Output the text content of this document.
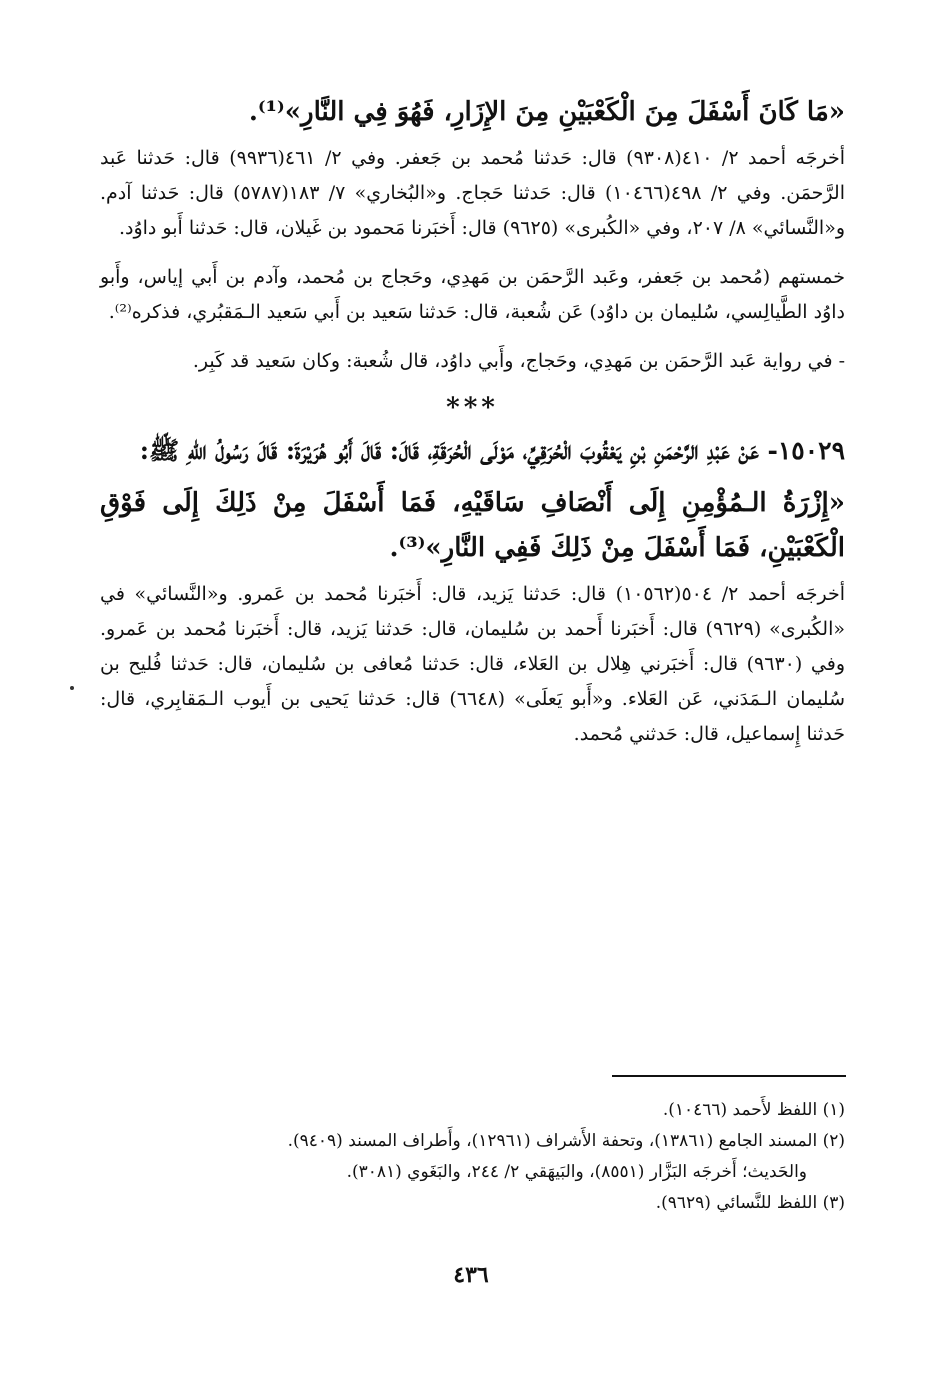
«مَا كَانَ أَسْفَلَ مِنَ الْكَعْبَيْنِ مِنَ الإِزَارِ، فَهُوَ فِي النَّارِ»⁽¹⁾.

أخرجَه أحمد ٢/ ٤١٠(٩٣٠٨) قال: حَدثنا مُحمد بن جَعفر. وفي ٢/ ٤٦١(٩٩٣٦) قال: حَدثنا عَبد الرَّحمَن. وفي ٢/ ٤٩٨(١٠٤٦٦) قال: حَدثنا حَجاج. و«البُخاري» ٧/ ١٨٣(٥٧٨٧) قال: حَدثنا آدم. و«النَّسائي» ٨/ ٢٠٧، وفي «الكُبرى» (٩٦٢٥) قال: أَخبَرنا مَحمود بن غَيلان، قال: حَدثنا أَبو داوُد.

خمستهم (مُحمد بن جَعفر، وعَبد الرَّحمَن بن مَهدِي، وحَجاج بن مُحمد، وآدم بن أَبي إياس، وأَبو داوُد الطَّيالِسي، سُليمان بن داوُد) عَن شُعبة، قال: حَدثنا سَعيد بن أَبي سَعيد الـمَقبُري، فذكره⁽²⁾.

- في رواية عَبد الرَّحمَن بن مَهدِي، وحَجاج، وأَبي داوُد، قال شُعبة: وكان سَعيد قد كَبِر.

***

١٥٠٢٩- عَنْ عَبْدِ الرَّحْمَنِ بْنِ يَعْقُوبَ الْحُرَقِيِّ، مَوْلَى الْحُرَقَةِ، قَالَ: قَالَ أَبُو هُرَيْرَةَ: قَالَ رَسُولُ اللهِ ﷺ:

«إِزْرَةُ الـمُؤْمِنِ إِلَى أَنْصَافِ سَاقَيْهِ، فَمَا أَسْفَلَ مِنْ ذَلِكَ إِلَى فَوْقِ الْكَعْبَيْنِ، فَمَا أَسْفَلَ مِنْ ذَلِكَ فَفِي النَّارِ»⁽³⁾.

أخرجَه أحمد ٢/ ٥٠٤(١٠٥٦٢) قال: حَدثنا يَزيد، قال: أَخبَرنا مُحمد بن عَمرو. و«النَّسائي» في «الكُبرى» (٩٦٢٩) قال: أَخبَرنا أَحمد بن سُليمان، قال: حَدثنا يَزيد، قال: أَخبَرنا مُحمد بن عَمرو. وفي (٩٦٣٠) قال: أَخبَرني هِلال بن العَلاء، قال: حَدثنا مُعافى بن سُليمان، قال: حَدثنا فُليح بن سُليمان الـمَدَني، عَن العَلاء. و«أَبو يَعلَى» (٦٦٤٨) قال: حَدثنا يَحيى بن أَيوب الـمَقابِري، قال: حَدثنا إِسماعيل، قال: حَدثني مُحمد.

(١) اللفظ لأَحمد (١٠٤٦٦).
(٢) المسند الجامع (١٣٨٦١)، وتحفة الأَشراف (١٢٩٦١)، وأَطراف المسند (٩٤٠٩).
والحَديث؛ أَخرجَه البَزَّار (٨٥٥١)، والبَيهَقي ٢/ ٢٤٤، والبَغَوي (٣٠٨١).
(٣) اللفظ للنَّسائي (٩٦٢٩).
٤٣٦
